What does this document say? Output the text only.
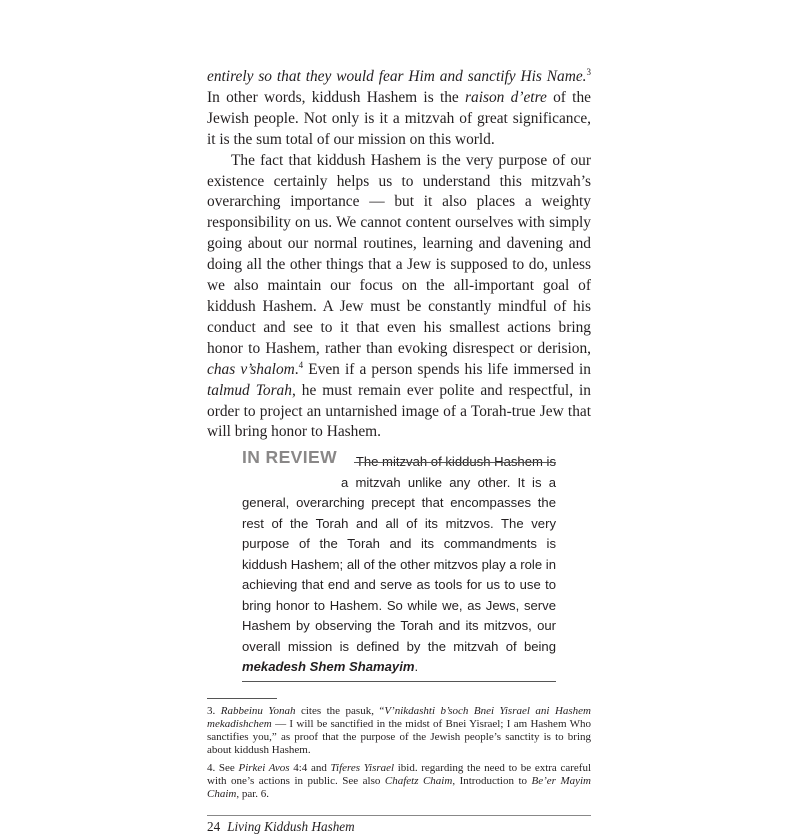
entirely so that they would fear Him and sanctify His Name.$^3$ In other words, kiddush Hashem is the raison d’etre of the Jewish people. Not only is it a mitzvah of great significance, it is the sum total of our mission on this world.

The fact that kiddush Hashem is the very purpose of our existence certainly helps us to understand this mitzvah’s overarching importance — but it also places a weighty responsibility on us. We cannot content ourselves with simply going about our normal routines, learning and davening and doing all the other things that a Jew is supposed to do, unless we also maintain our focus on the all-important goal of kiddush Hashem. A Jew must be constantly mindful of his conduct and see to it that even his smallest actions bring honor to Hashem, rather than evoking disrespect or derision, chas v’shalom.$^4$ Even if a person spends his life immersed in talmud Torah, he must remain ever polite and respectful, in order to project an untarnished image of a Torah-true Jew that will bring honor to Hashem.

IN REVIEW	The mitzvah of kiddush Hashem is
a mitzvah unlike any other. It is a general, overarching precept that encompasses the rest of the Torah and all of its mitzvos. The very purpose of the Torah and its commandments is kiddush Hashem; all of the other mitzvos play a role in achieving that end and serve as tools for us to use to bring honor to Hashem. So while we, as Jews, serve Hashem by observing the Torah and its mitzvos, our overall mission is defined by the mitzvah of being mekadesh Shem Shamayim.

3. Rabbeinu Yonah cites the pasuk, “V’nikdashti b’soch Bnei Yisrael ani Hashem mekadishchem — I will be sanctified in the midst of Bnei Yisrael; I am Hashem Who sanctifies you,” as proof that the purpose of the Jewish people’s sanctity is to bring about kiddush Hashem.

4. See Pirkei Avos 4:4 and Tiferes Yisrael ibid. regarding the need to be extra careful with one’s actions in public. See also Chafetz Chaim, Introduction to Be’er Mayim Chaim, par. 6.

24 Living Kiddush Hashem
